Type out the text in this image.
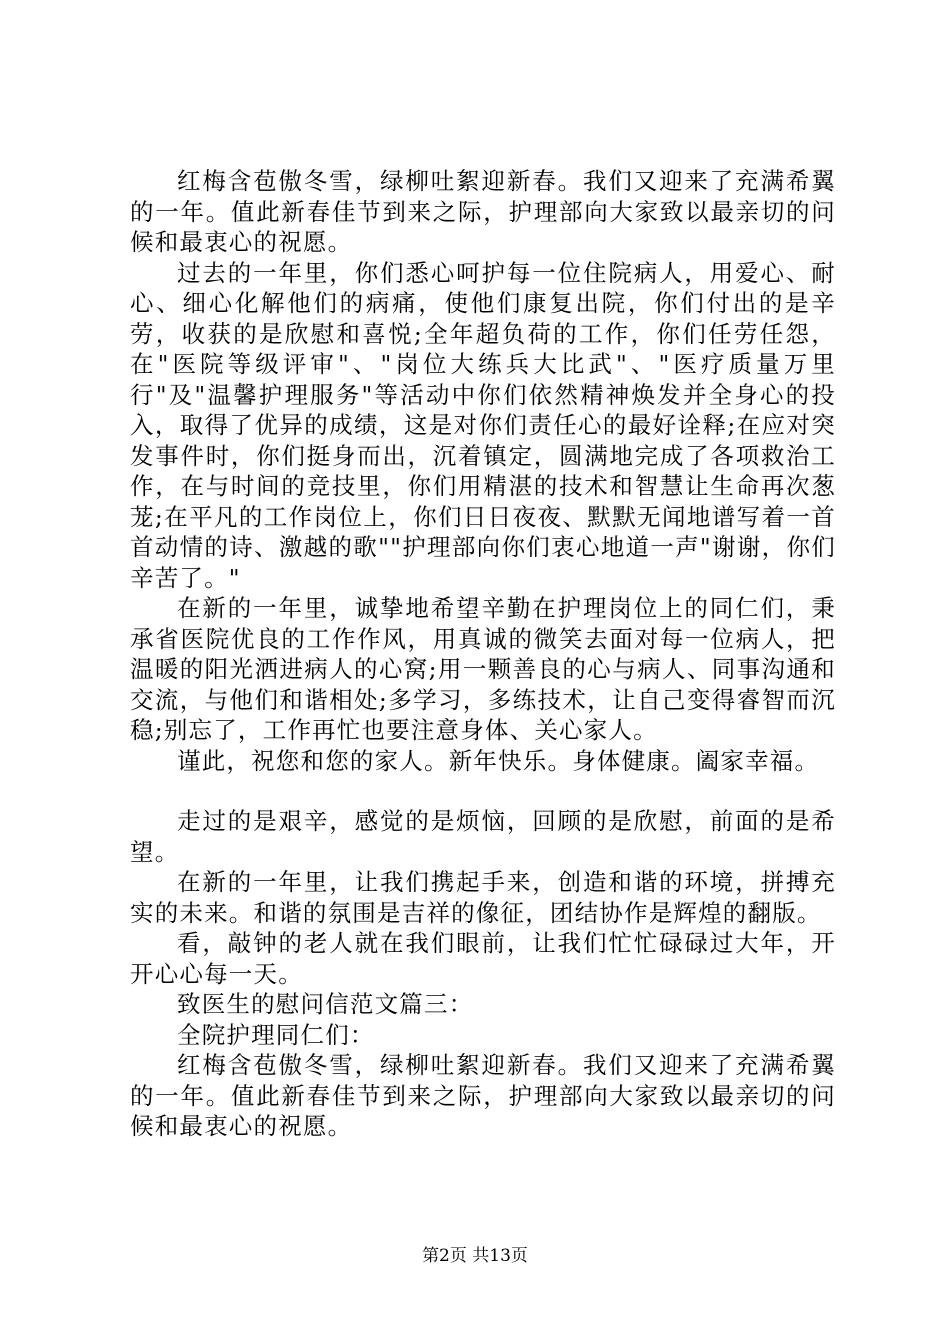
红梅含苞傲冬雪，绿柳吐絮迎新春。我们又迎来了充满希翼的一年。值此新春佳节到来之际，护理部向大家致以最亲切的问候和最衷心的祝愿。

过去的一年里，你们悉心呵护每一位住院病人，用爱心、耐心、细心化解他们的病痛，使他们康复出院，你们付出的是辛劳，收获的是欣慰和喜悦;全年超负荷的工作，你们任劳任怨，在"医院等级评审"、"岗位大练兵大比武"、"医疗质量万里行"及"温馨护理服务"等活动中你们依然精神焕发并全身心的投入，取得了优异的成绩，这是对你们责任心的最好诠释;在应对突发事件时，你们挺身而出，沉着镇定，圆满地完成了各项救治工作，在与时间的竞技里，你们用精湛的技术和智慧让生命再次葱茏;在平凡的工作岗位上，你们日日夜夜、默默无闻地谱写着一首首动情的诗、激越的歌""护理部向你们衷心地道一声"谢谢，你们辛苦了。"

在新的一年里，诚挚地希望辛勤在护理岗位上的同仁们，秉承省医院优良的工作作风，用真诚的微笑去面对每一位病人，把温暖的阳光洒进病人的心窝;用一颗善良的心与病人、同事沟通和交流，与他们和谐相处;多学习，多练技术，让自己变得睿智而沉稳;别忘了，工作再忙也要注意身体、关心家人。

谨此，祝您和您的家人。新年快乐。身体健康。阖家幸福。

走过的是艰辛，感觉的是烦恼，回顾的是欣慰，前面的是希望。

在新的一年里，让我们携起手来，创造和谐的环境，拼搏充实的未来。和谐的氛围是吉祥的像征，团结协作是辉煌的翻版。

看，敲钟的老人就在我们眼前，让我们忙忙碌碌过大年，开开心心每一天。

致医生的慰问信范文篇三：

全院护理同仁们：

红梅含苞傲冬雪，绿柳吐絮迎新春。我们又迎来了充满希翼的一年。值此新春佳节到来之际，护理部向大家致以最亲切的问候和最衷心的祝愿。

第2页 共13页
